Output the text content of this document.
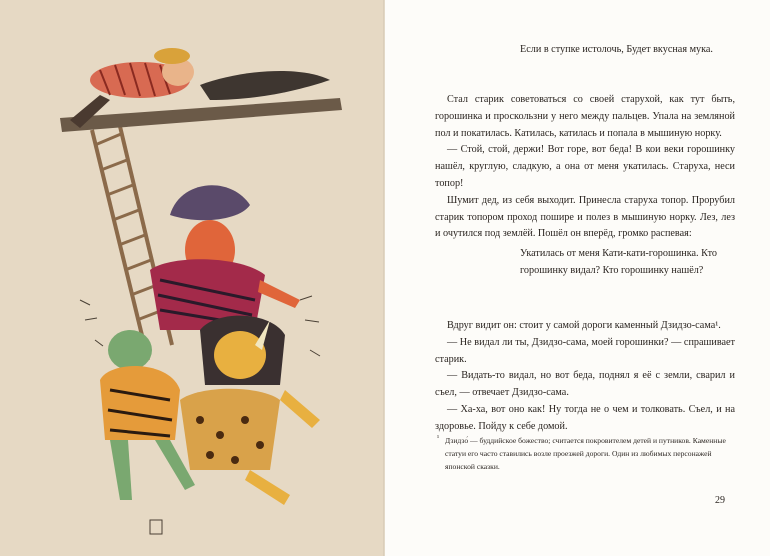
Если в ступке истолочь, Будет вкусная мука.

Стал старик советоваться со своей старухой, как тут быть, горошинка и проскользни у него между пальцев. Упала на земляной пол и покатилась. Катилась, катилась и попала в мышиную норку.

— Стой, стой, держи! Вот горе, вот беда! В кои веки горошинку нашёл, круглую, сладкую, а она от меня укатилась. Старуха, неси топор!

Шумит дед, из себя выходит. Принесла старуха топор. Прорубил старик топором проход пошире и полез в мышиную норку. Лез, лез и очутился под землёй. Пошёл он вперёд, громко распевая:

Укатилась от меня Кати-кати-горошинка. Кто горошинку видал? Кто горошинку нашёл?

Вдруг видит он: стоит у самой дороги каменный Дзидзо-сама¹.

— Не видал ли ты, Дзидзо-сама, моей горошинки? — спрашивает старик.

— Видать-то видал, но вот беда, поднял я её с земли, сварил и съел, — отвечает Дзидзо-сама.

— Ха-ха, вот оно как! Ну тогда не о чем и толковать. Съел, и на здоровье. Пойду к себе домой.

¹ Дзидзо́ — буддийское божество; считается покровителем детей и путников. Каменные статуи его часто ставились возле проезжей дороги. Один из любимых персонажей японской сказки.
29
